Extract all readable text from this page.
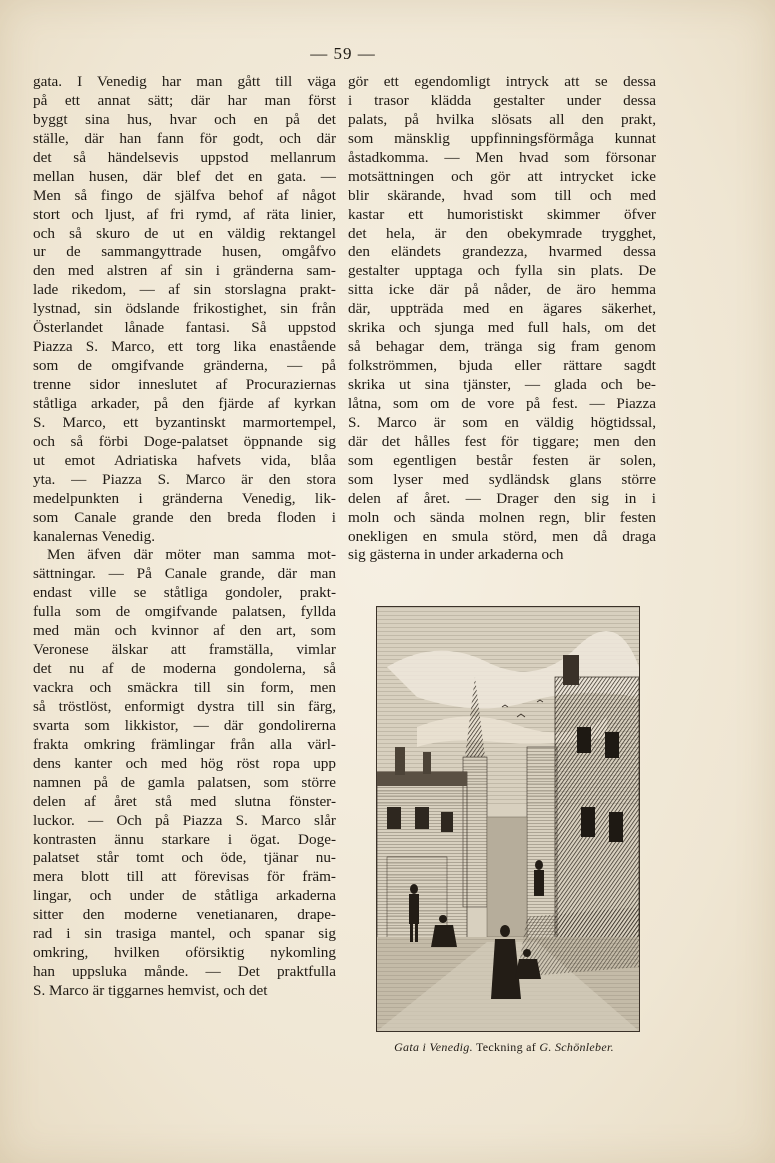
— 59 —
gata. I Venedig har man gått till väga
på ett annat sätt; där har man först
byggt sina hus, hvar och en på det
ställe, där han fann för godt, och där
det så händelsevis uppstod mellanrum
mellan husen, där blef det en gata. —
Men så fingo de själfva behof af något
stort och ljust, af fri rymd, af räta linier,
och så skuro de ut en väldig rektangel
ur de sammangyttrade husen, omgåfvo
den med alstren af sin i gränderna sam-
lade rikedom, — af sin storslagna prakt-
lystnad, sin ödslande frikostighet, sin från
Österlandet lånade fantasi. Så uppstod
Piazza S. Marco, ett torg lika enastående
som de omgifvande gränderna, — på
trenne sidor inneslutet af Procuraziernas
ståtliga arkader, på den fjärde af kyrkan
S. Marco, ett byzantinskt marmortempel,
och så förbi Doge-palatset öppnande sig
ut emot Adriatiska hafvets vida, blåa
yta. — Piazza S. Marco är den stora
medelpunkten i gränderna Venedig, lik-
som Canale grande den breda floden i
kanalernas Venedig.
Men äfven där möter man samma mot-
sättningar. — På Canale grande, där man
endast ville se ståtliga gondoler, prakt-
fulla som de omgifvande palatsen, fyllda
med män och kvinnor af den art, som
Veronese älskar att framställa, vimlar
det nu af de moderna gondolerna, så
vackra och smäckra till sin form, men
så tröstlöst, enformigt dystra till sin färg,
svarta som likkistor, — där gondolirerna
frakta omkring främlingar från alla värl-
dens kanter och med hög röst ropa upp
namnen på de gamla palatsen, som större
delen af året stå med slutna fönster-
luckor. — Och på Piazza S. Marco slår
kontrasten ännu starkare i ögat. Doge-
palatset står tomt och öde, tjänar nu-
mera blott till att förevisas för främ-
lingar, och under de ståtliga arkaderna
sitter den moderne venetianaren, drape-
rad i sin trasiga mantel, och spanar sig
omkring, hvilken oförsiktig nykomling
han uppsluka månde. — Det praktfulla
S. Marco är tiggarnes hemvist, och det
gör ett egendomligt intryck att se dessa
i trasor klädda gestalter under dessa
palats, på hvilka slösats all den prakt,
som mänsklig uppfinningsförmåga kunnat
åstadkomma. — Men hvad som försonar
motsättningen och gör att intrycket icke
blir skärande, hvad som till och med
kastar ett humoristiskt skimmer öfver
det hela, är den obekymrade trygghet,
den eländets grandezza, hvarmed dessa
gestalter upptaga och fylla sin plats. De
sitta icke där på nåder, de äro hemma
där, uppträda med en ägares säkerhet,
skrika och sjunga med full hals, om det
så behagar dem, tränga sig fram genom
folkströmmen, bjuda eller rättare sagdt
skrika ut sina tjänster, — glada och be-
låtna, som om de vore på fest. — Piazza
S. Marco är som en väldig högtidssal,
där det hålles fest för tiggare; men den
som egentligen består festen är solen,
som lyser med sydländsk glans större
delen af året. — Drager den sig in i
moln och sända molnen regn, blir festen
onekligen en smula störd, men då draga
sig gästerna in under arkaderna och
Gata i Venedig. Teckning af G. Schönleber.
